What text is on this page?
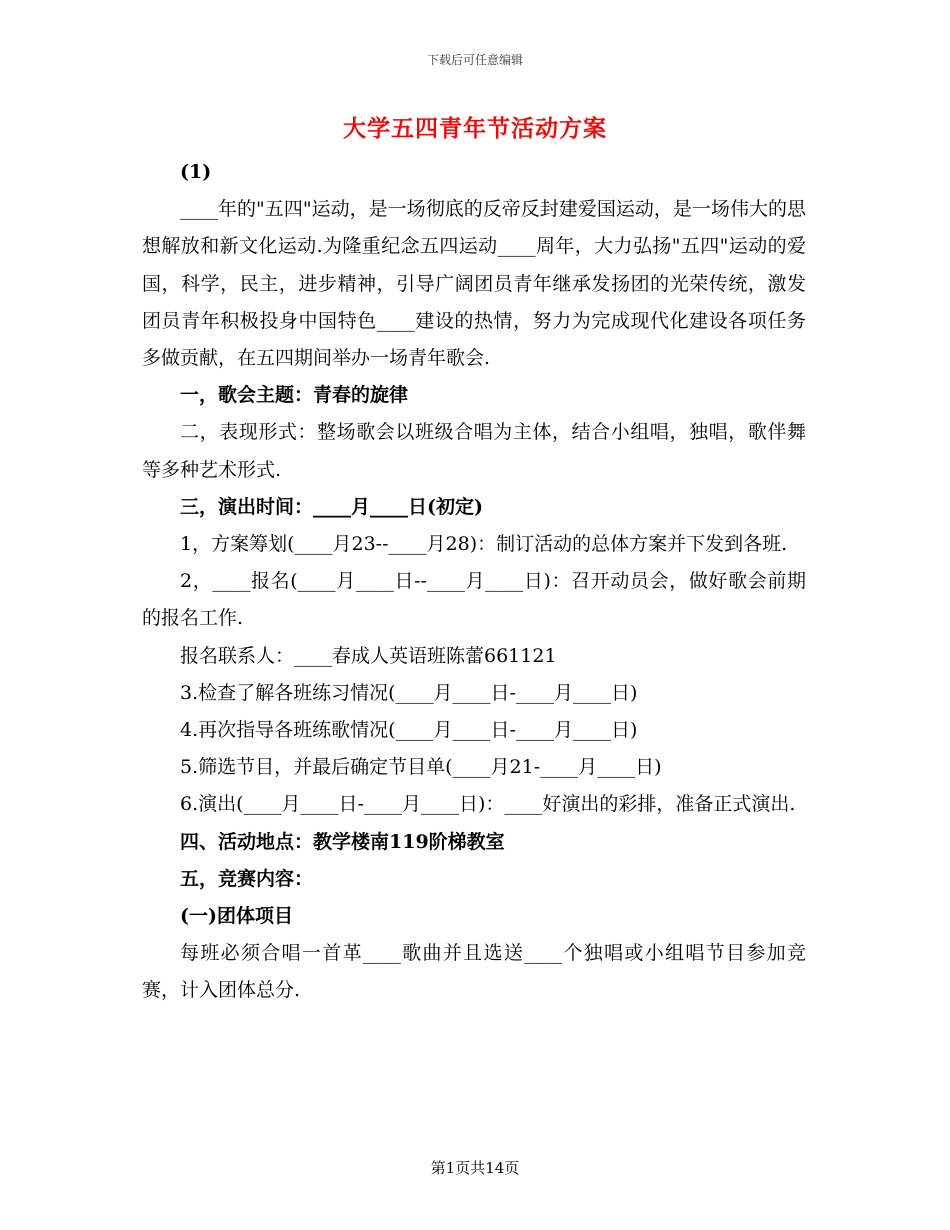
下载后可任意编辑
大学五四青年节活动方案

(1)

____年的"五四"运动，是一场彻底的反帝反封建爱国运动，是一场伟大的思想解放和新文化运动.为隆重纪念五四运动____周年，大力弘扬"五四"运动的爱国，科学，民主，进步精神，引导广阔团员青年继承发扬团的光荣传统，激发团员青年积极投身中国特色____建设的热情，努力为完成现代化建设各项任务多做贡献，在五四期间举办一场青年歌会.

一，歌会主题：青春的旋律

二，表现形式：整场歌会以班级合唱为主体，结合小组唱，独唱，歌伴舞等多种艺术形式.

三，演出时间：____月____日(初定)

1，方案筹划(____月23--____月28)：制订活动的总体方案并下发到各班.

2，____报名(____月____日--____月____日)：召开动员会，做好歌会前期的报名工作.

报名联系人：____春成人英语班陈蕾661121

3.检查了解各班练习情况(____月____日-____月____日)

4.再次指导各班练歌情况(____月____日-____月____日)

5.筛选节目，并最后确定节目单(____月21-____月____日)

6.演出(____月____日-____月____日)：____好演出的彩排，准备正式演出.

四、活动地点：教学楼南119阶梯教室

五，竞赛内容：

(一)团体项目

每班必须合唱一首革____歌曲并且选送____个独唱或小组唱节目参加竞赛，计入团体总分.

第1页共14页
